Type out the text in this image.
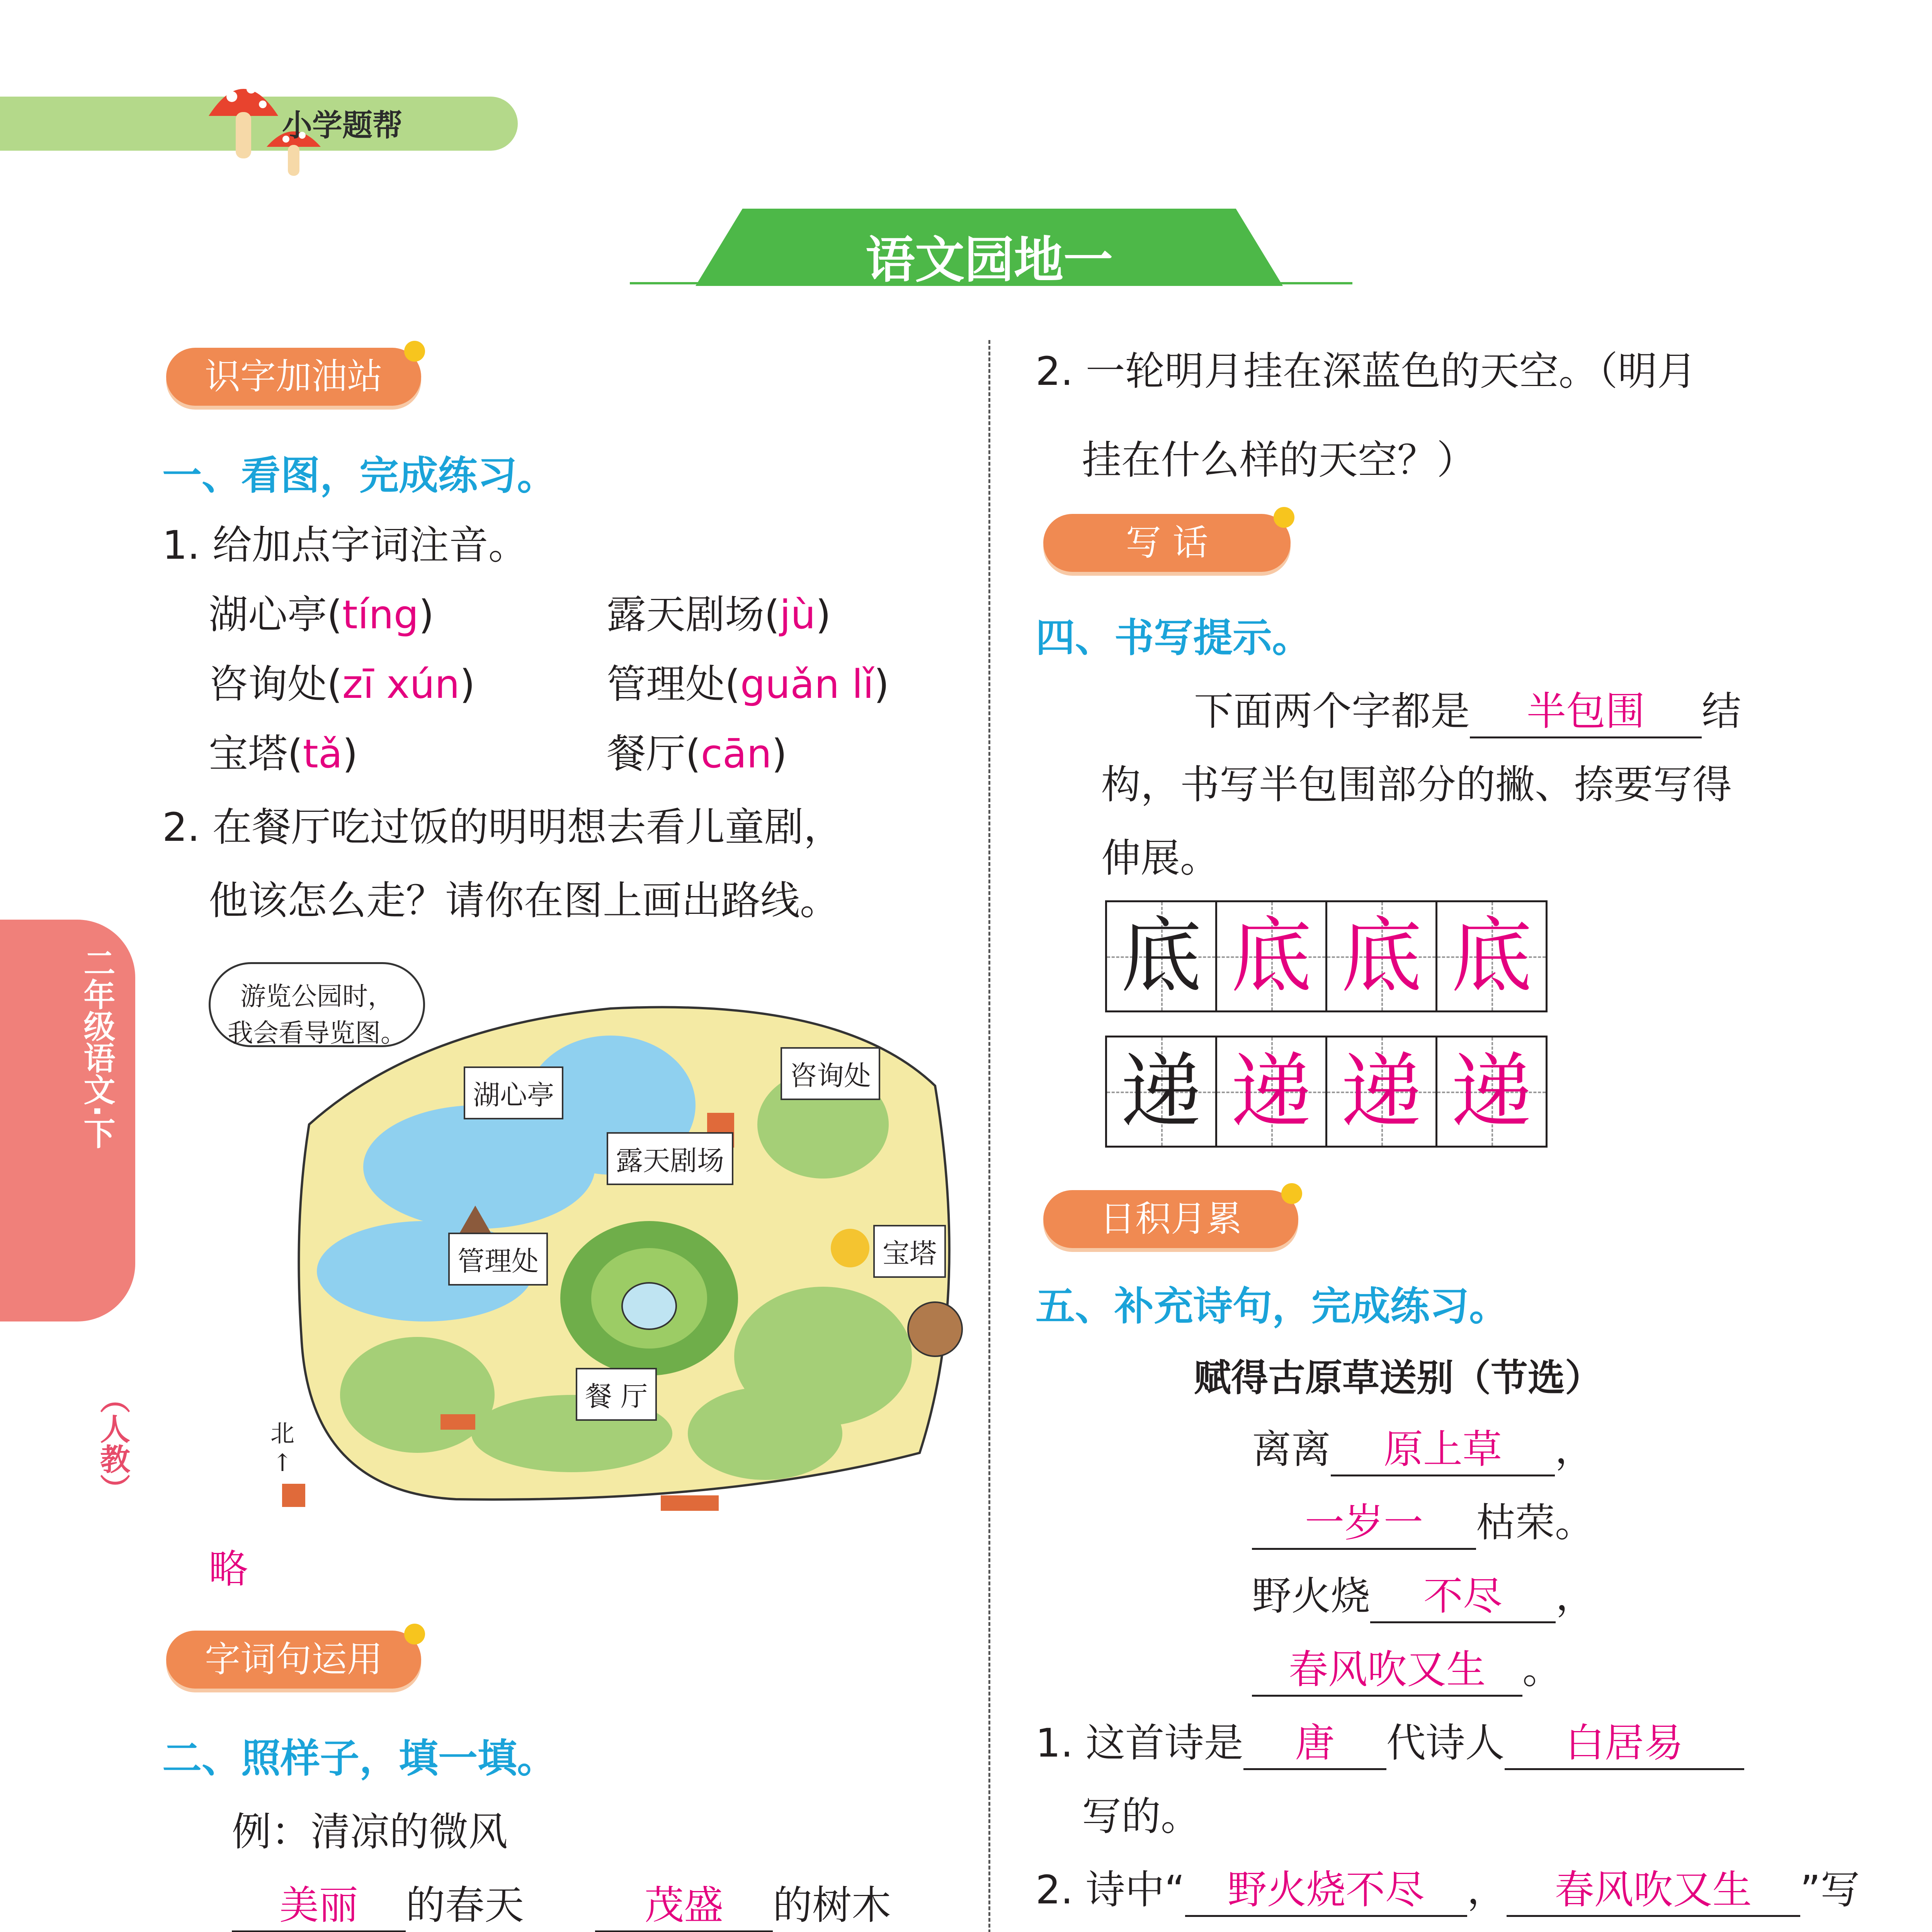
小学题帮
语文园地一
二年级语文·下
（人教）
识字加油站
一、看图，完成练习。
1. 给加点字词注音。
湖心亭(tíng)	露天剧场(jù)
咨询处(zī xún)	管理处(guǎn lǐ)
宝塔(tǎ)	餐厅(cān)
2. 在餐厅吃过饭的明明想去看儿童剧，
他该怎么走？请你在图上画出路线。
游览公园时，
我会看导览图。
湖心亭
咨询处
露天剧场
管理处	宝塔
餐 厅
北
↑
略
字词句运用
二、照样子，填一填。
例：清凉的微风
美丽 的春天	茂盛 的树木
2. 一轮明月挂在深蓝色的天空。（明月
挂在什么样的天空？）
写 话
四、书写提示。
下面两个字都是 半包围 结
构，书写半包围部分的撇、捺要写得
伸展。
底 底 底 底
递 递 递 递
日积月累
五、补充诗句，完成练习。
赋得古原草送别（节选）
离离 原上草 ，
一岁一 枯荣。
野火烧 不尽 ，
春风吹又生 。
1. 这首诗是 唐 代诗人 白居易
写的。
2. 诗中“ 野火烧不尽 ， 春风吹又生 ”写
